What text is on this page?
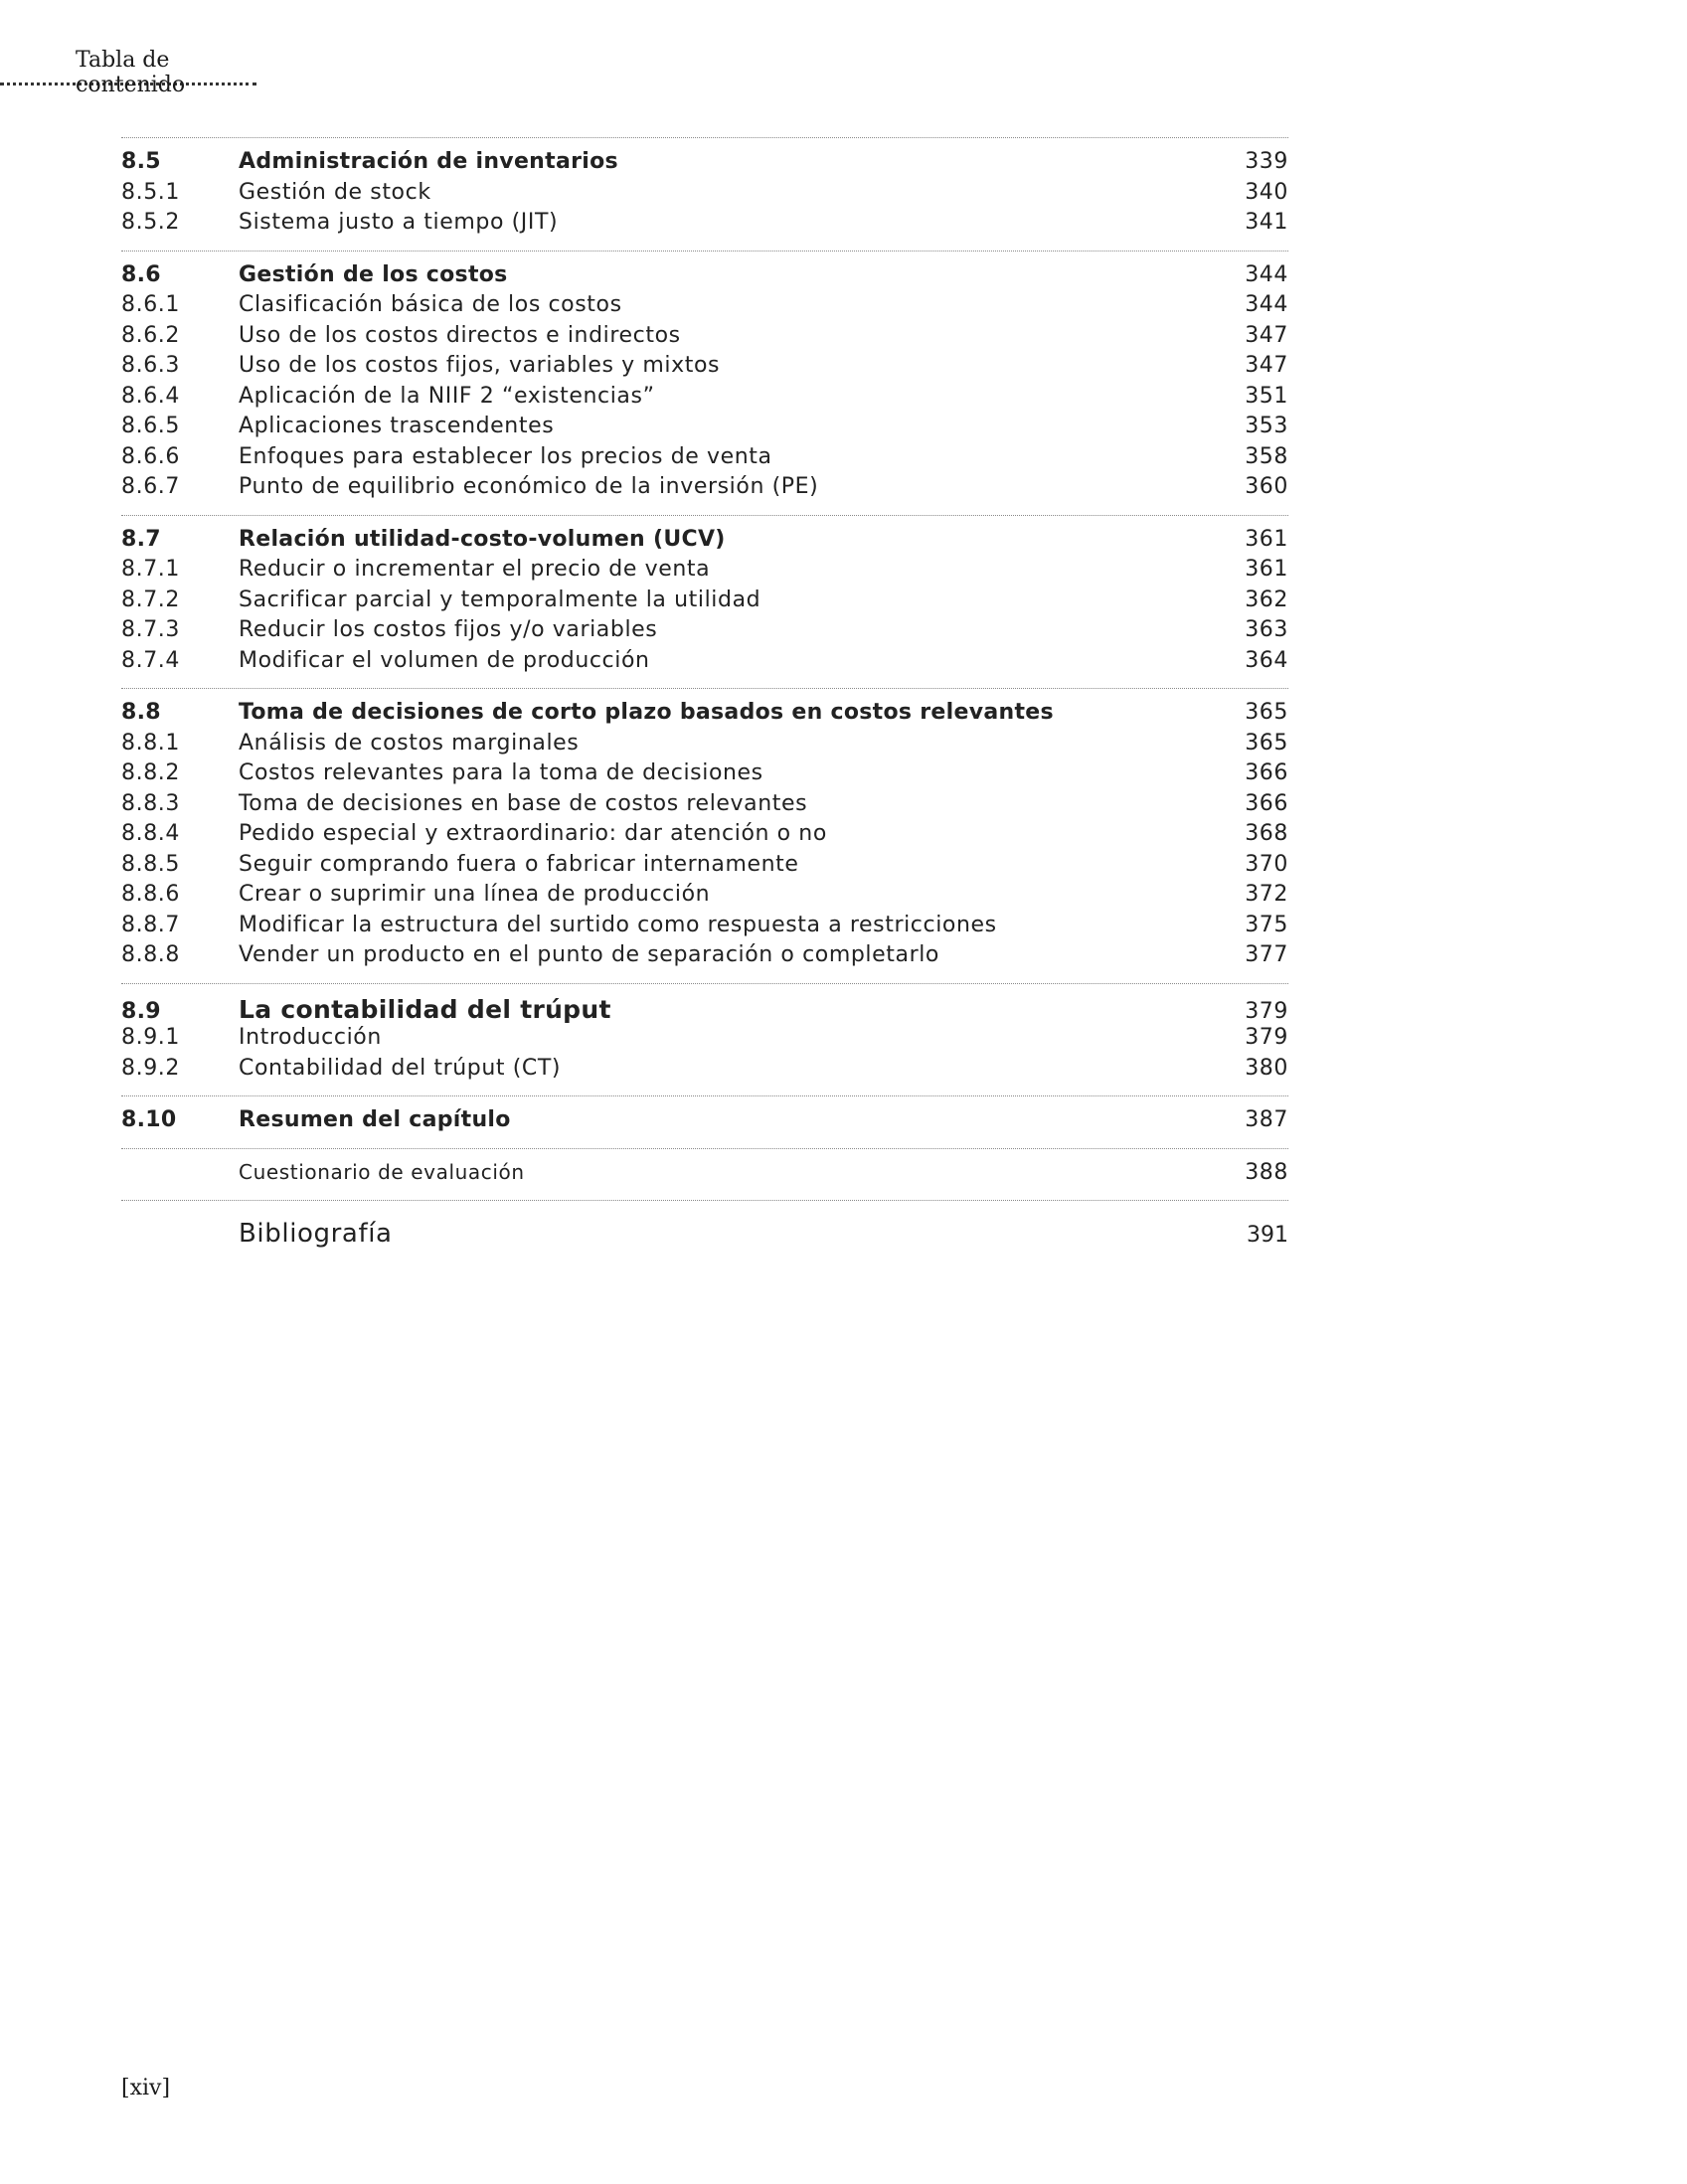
Tabla de contenido
8.5	Administración de inventarios	339
8.5.1	Gestión de stock	340
8.5.2	Sistema justo a tiempo (JIT)	341
8.6	Gestión de los costos	344
8.6.1	Clasificación básica de los costos	344
8.6.2	Uso de los costos directos e indirectos	347
8.6.3	Uso de los costos fijos, variables y mixtos	347
8.6.4	Aplicación de la NIIF 2 “existencias”	351
8.6.5	Aplicaciones trascendentes	353
8.6.6	Enfoques para establecer los precios de venta	358
8.6.7	Punto de equilibrio económico de la inversión (PE)	360
8.7	Relación utilidad-costo-volumen (UCV)	361
8.7.1	Reducir o incrementar el precio de venta	361
8.7.2	Sacrificar parcial y temporalmente la utilidad	362
8.7.3	Reducir los costos fijos y/o variables	363
8.7.4	Modificar el volumen de producción	364
8.8	Toma de decisiones de corto plazo basados en costos relevantes	365
8.8.1	Análisis de costos marginales	365
8.8.2	Costos relevantes para la toma de decisiones	366
8.8.3	Toma de decisiones en base de costos relevantes	366
8.8.4	Pedido especial y extraordinario: dar atención o no	368
8.8.5	Seguir comprando fuera o fabricar internamente	370
8.8.6	Crear o suprimir una línea de producción	372
8.8.7	Modificar la estructura del surtido como respuesta a restricciones	375
8.8.8	Vender un producto en el punto de separación o completarlo	377
8.9	La contabilidad del trúput	379
8.9.1	Introducción	379
8.9.2	Contabilidad del trúput (CT)	380
8.10	Resumen del capítulo	387
Cuestionario de evaluación	388
Bibliografía	391
[xiv]
